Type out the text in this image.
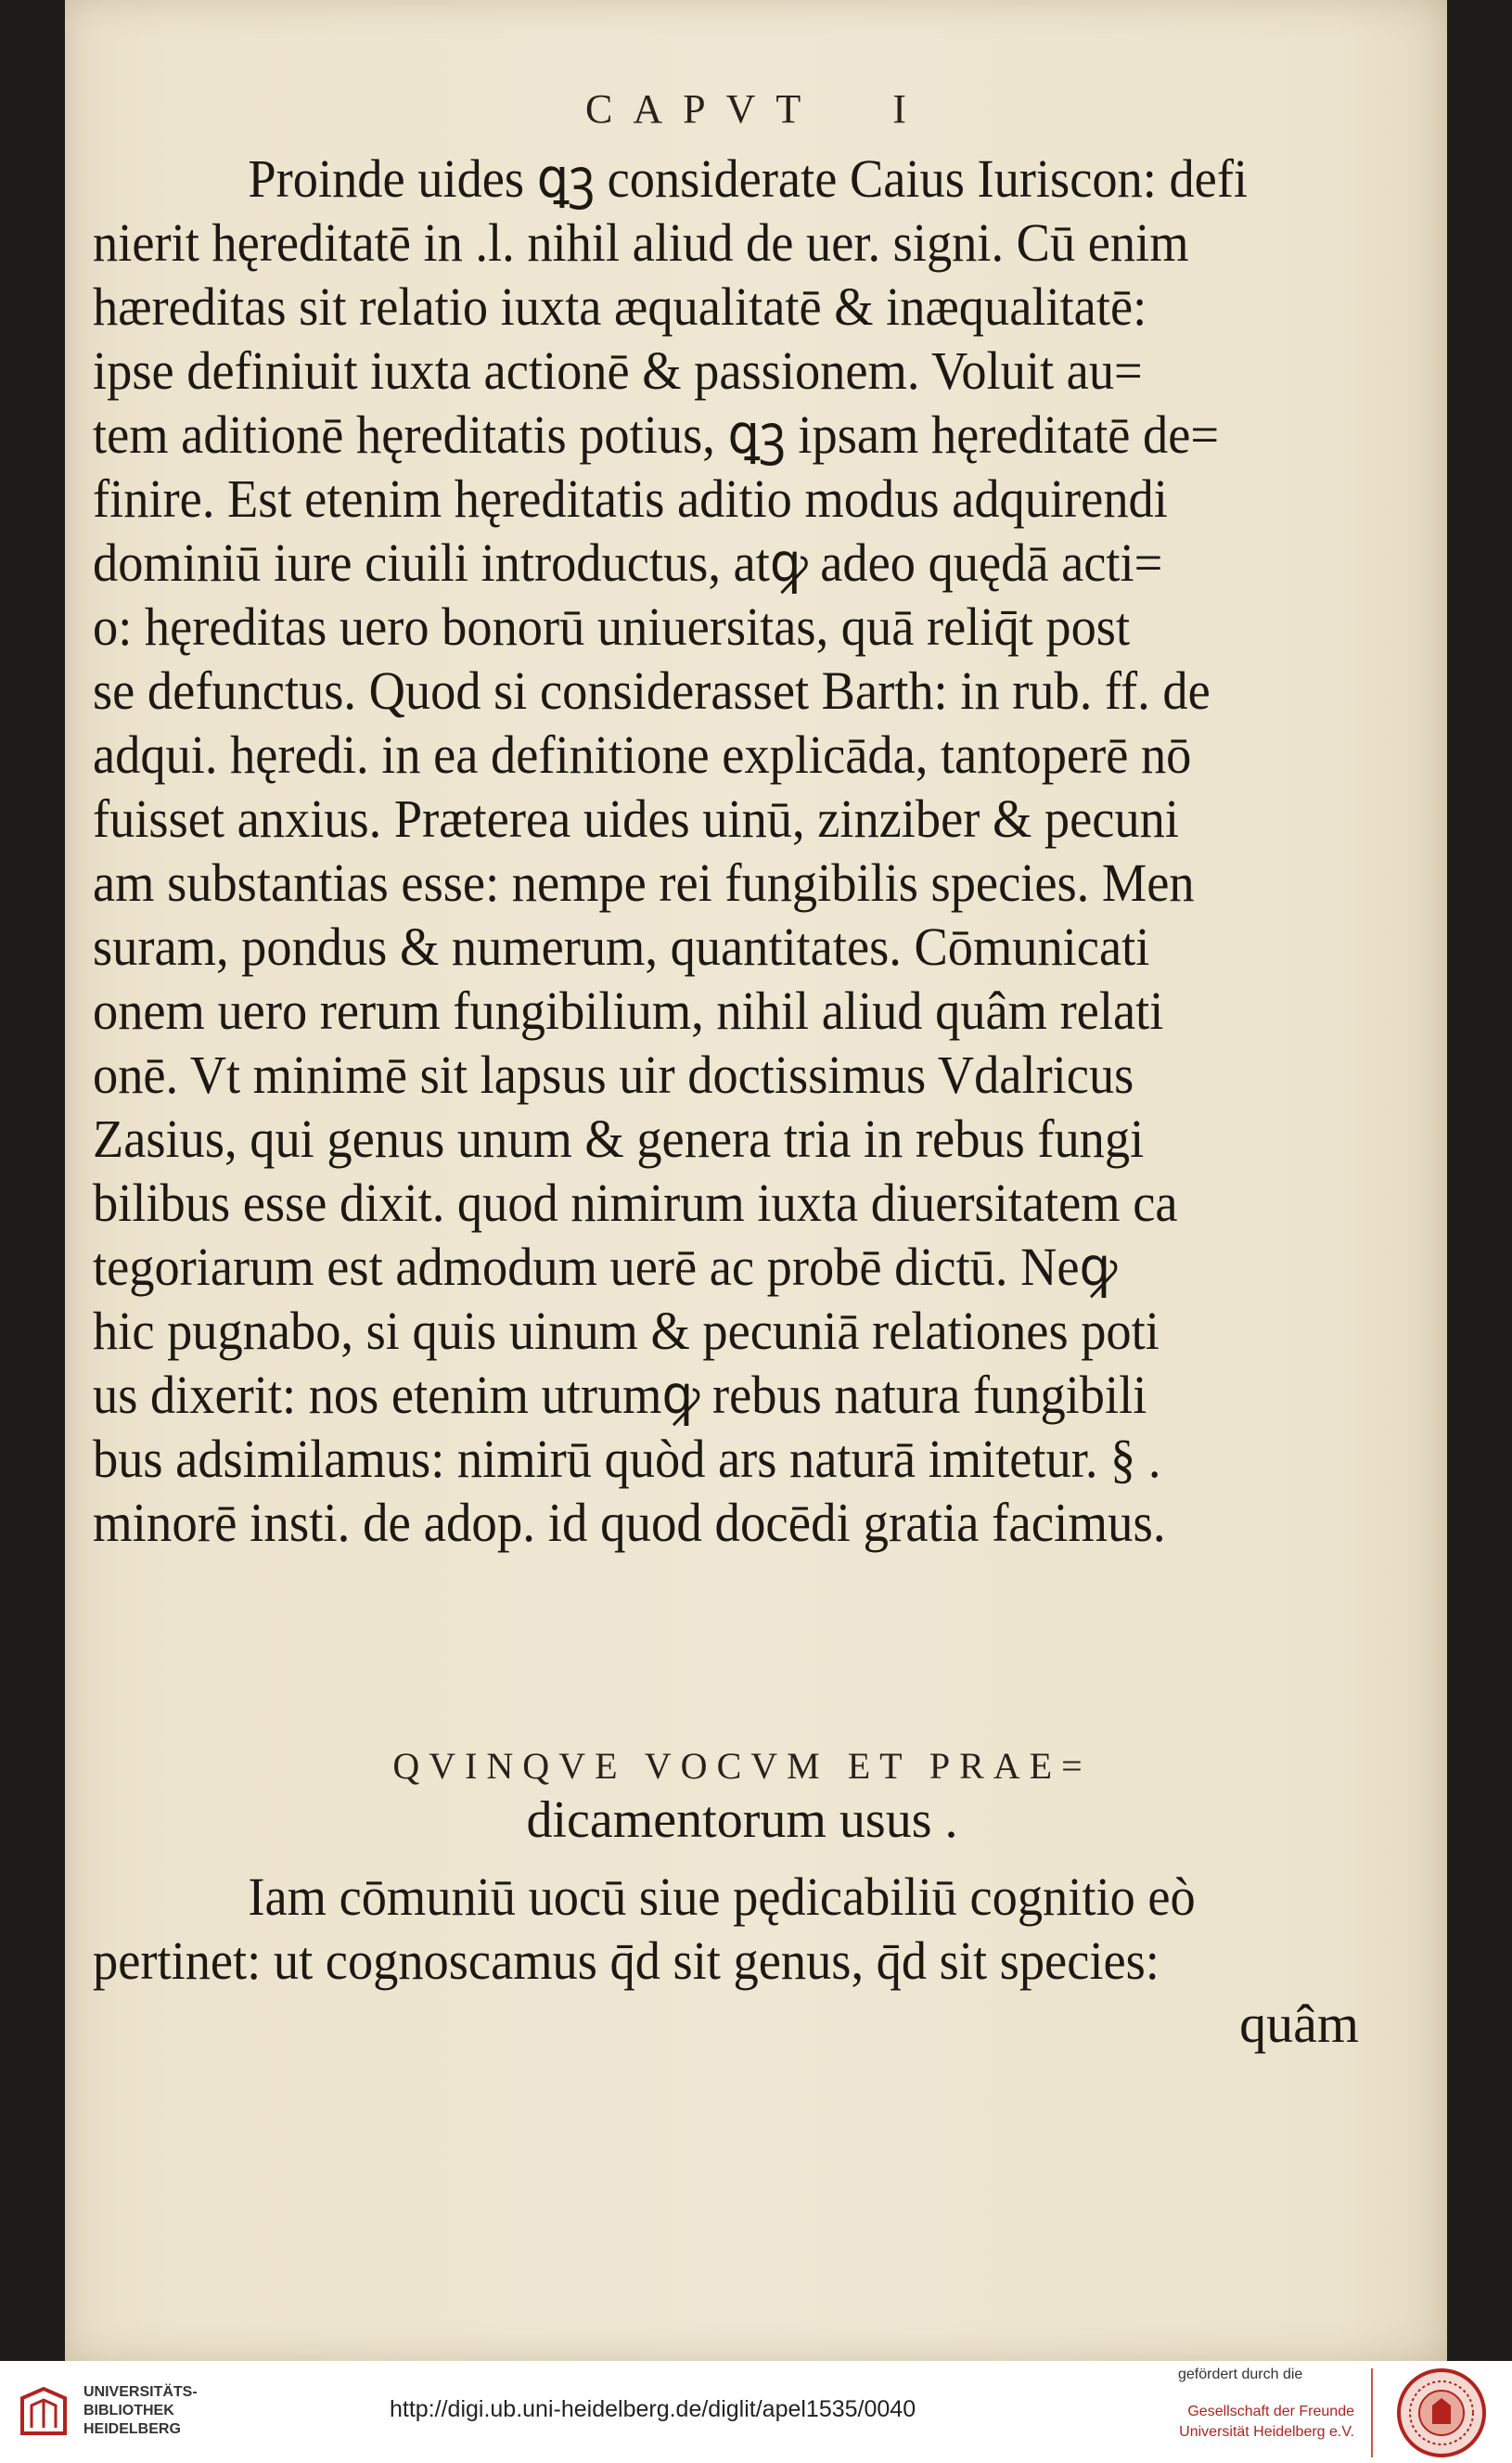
CAPVT I
Proinde uides ꝗꝫ considerate Caius Iuriscon: defi
nierit hęreditatē in .l. nihil aliud de uer. signi. Cū enim
hæreditas sit relatio iuxta æqualitatē & inæqualitatē:
ipse definiuit iuxta actionē & passionem. Voluit au=
tem aditionē hęreditatis potius, ꝗꝫ ipsam hęreditatē de=
finire. Est etenim hęreditatis aditio modus adquirendi
dominiū iure ciuili introductus, atꝙ adeo quędā acti=
o: hęreditas uero bonorū uniuersitas, quā reliq̄t post
se defunctus. Quod si considerasset Barth: in rub. ff. de
adqui. hęredi. in ea definitione explicāda, tantoperē nō
fuisset anxius. Præterea uides uinū, zinziber & pecuni
am substantias esse: nempe rei fungibilis species. Men
suram, pondus & numerum, quantitates. Cōmunicati
onem uero rerum fungibilium, nihil aliud quâm relati
onē. Vt minimē sit lapsus uir doctissimus Vdalricus
Zasius, qui genus unum & genera tria in rebus fungi
bilibus esse dixit. quod nimirum iuxta diuersitatem ca
tegoriarum est admodum uerē ac probē dictū. Neꝙ
hic pugnabo, si quis uinum & pecuniā relationes poti
us dixerit: nos etenim utrumꝙ rebus natura fungibili
bus adsimilamus: nimirū quòd ars naturā imitetur. § .
minorē insti. de adop. id quod docēdi gratia facimus.
QVINQVE VOCVM ET PRAE=
dicamentorum usus .
Iam cōmuniū uocū siue pędicabiliū cognitio eò
pertinet: ut cognoscamus q̄d sit genus, q̄d sit species:
quâm
UNIVERSITÄTS-
BIBLIOTHEK
HEIDELBERG
http://digi.ub.uni-heidelberg.de/diglit/apel1535/0040
gefördert durch die
Gesellschaft der Freunde
Universität Heidelberg e.V.
